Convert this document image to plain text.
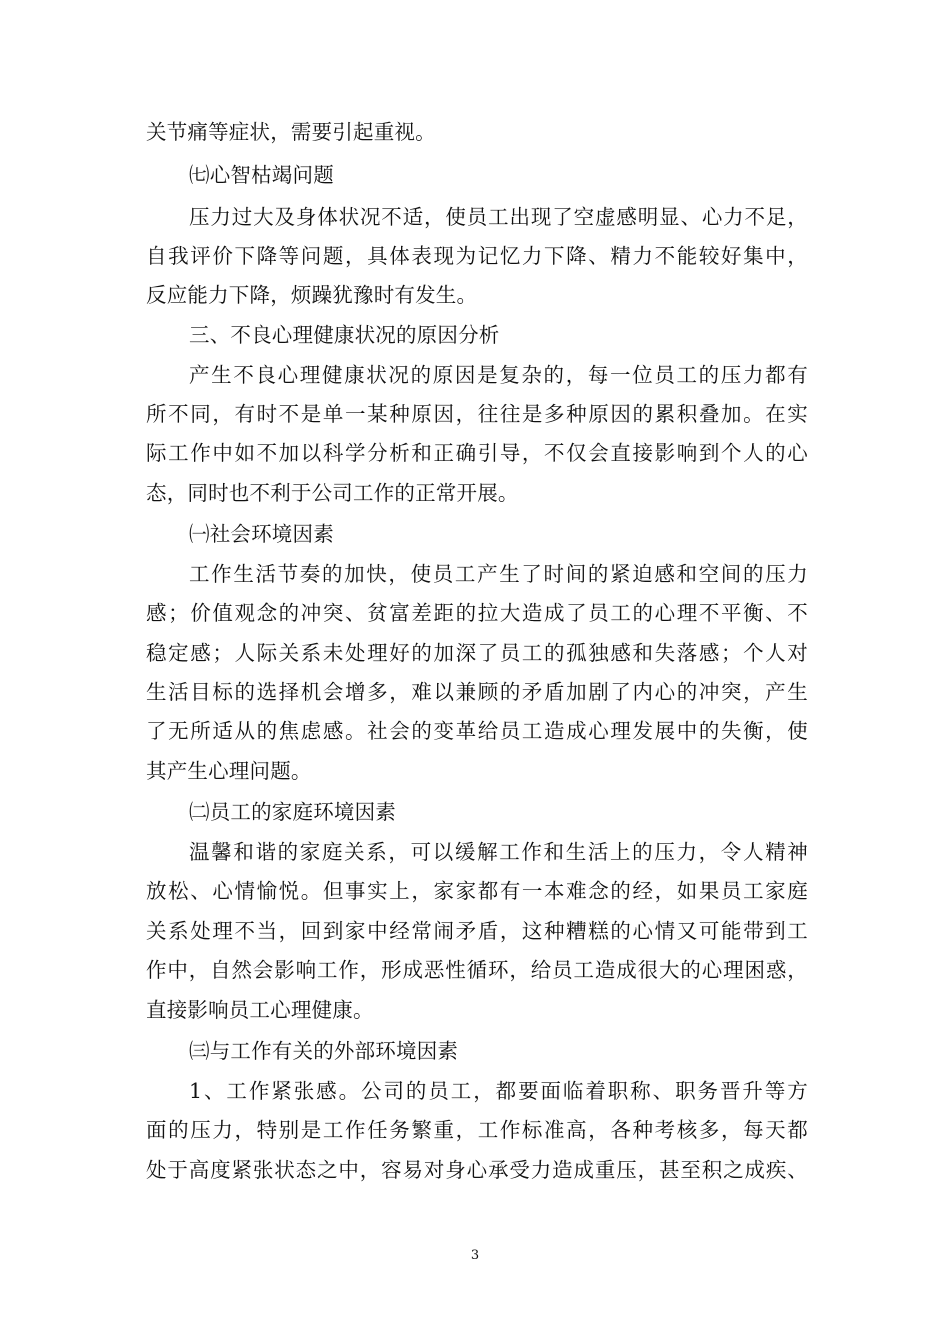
关节痛等症状，需要引起重视。
㈦心智枯竭问题
压力过大及身体状况不适，使员工出现了空虚感明显、心力不足，
自我评价下降等问题，具体表现为记忆力下降、精力不能较好集中，
反应能力下降，烦躁犹豫时有发生。
三、不良心理健康状况的原因分析
产生不良心理健康状况的原因是复杂的，每一位员工的压力都有
所不同，有时不是单一某种原因，往往是多种原因的累积叠加。在实
际工作中如不加以科学分析和正确引导，不仅会直接影响到个人的心
态，同时也不利于公司工作的正常开展。
㈠社会环境因素
工作生活节奏的加快，使员工产生了时间的紧迫感和空间的压力
感；价值观念的冲突、贫富差距的拉大造成了员工的心理不平衡、不
稳定感；人际关系未处理好的加深了员工的孤独感和失落感；个人对
生活目标的选择机会增多，难以兼顾的矛盾加剧了内心的冲突，产生
了无所适从的焦虑感。社会的变革给员工造成心理发展中的失衡，使
其产生心理问题。
㈡员工的家庭环境因素
温馨和谐的家庭关系，可以缓解工作和生活上的压力，令人精神
放松、心情愉悦。但事实上，家家都有一本难念的经，如果员工家庭
关系处理不当，回到家中经常闹矛盾，这种糟糕的心情又可能带到工
作中，自然会影响工作，形成恶性循环，给员工造成很大的心理困惑，
直接影响员工心理健康。
㈢与工作有关的外部环境因素
1、工作紧张感。公司的员工，都要面临着职称、职务晋升等方
面的压力，特别是工作任务繁重，工作标准高，各种考核多，每天都
处于高度紧张状态之中，容易对身心承受力造成重压，甚至积之成疾、
3
